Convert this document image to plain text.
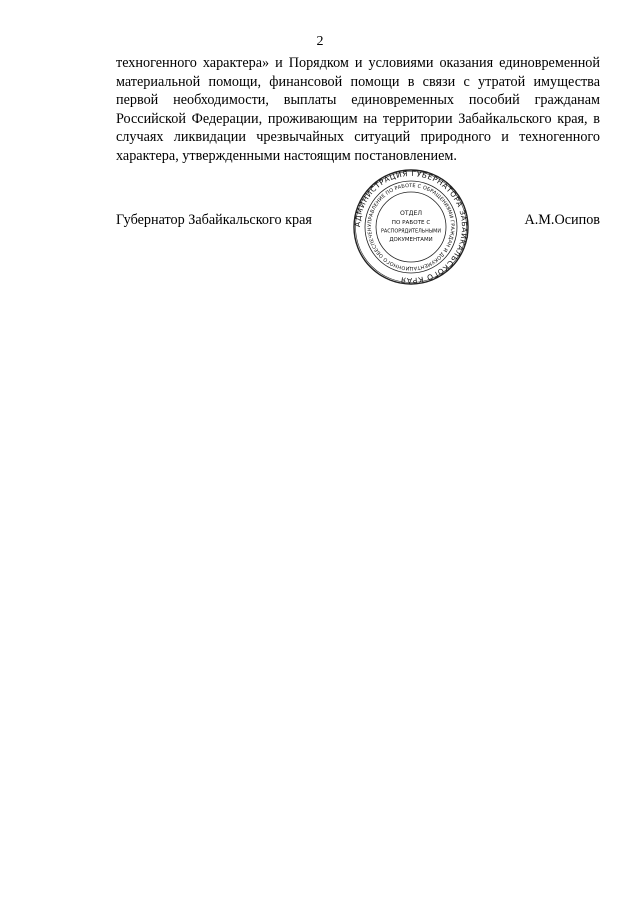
2

техногенного характера» и Порядком и условиями оказания единовременной
материальной помощи, финансовой помощи в связи с утратой имущества
первой необходимости, выплаты единовременных пособий гражданам
Российской Федерации, проживающим на территории Забайкальского края, в
случаях ликвидации чрезвычайных ситуаций природного и техногенного
характера, утвержденными настоящим постановлением.

Губернатор Забайкальского края	А.М.Осипов
АДМИНИСТРАЦИЯ ГУБЕРНАТОРА ЗАБАЙКАЛЬСКОГО КРАЯ
УПРАВЛЕНИЕ ПО РАБОТЕ С ОБРАЩЕНИЯМИ ГРАЖДАН И ДОКУМЕНТАЦИОННОГО ОБЕСПЕЧЕН
ОТДЕЛ
ПО РАБОТЕ С
РАСПОРЯДИТЕЛЬНЫМИ
ДОКУМЕНТАМИ
